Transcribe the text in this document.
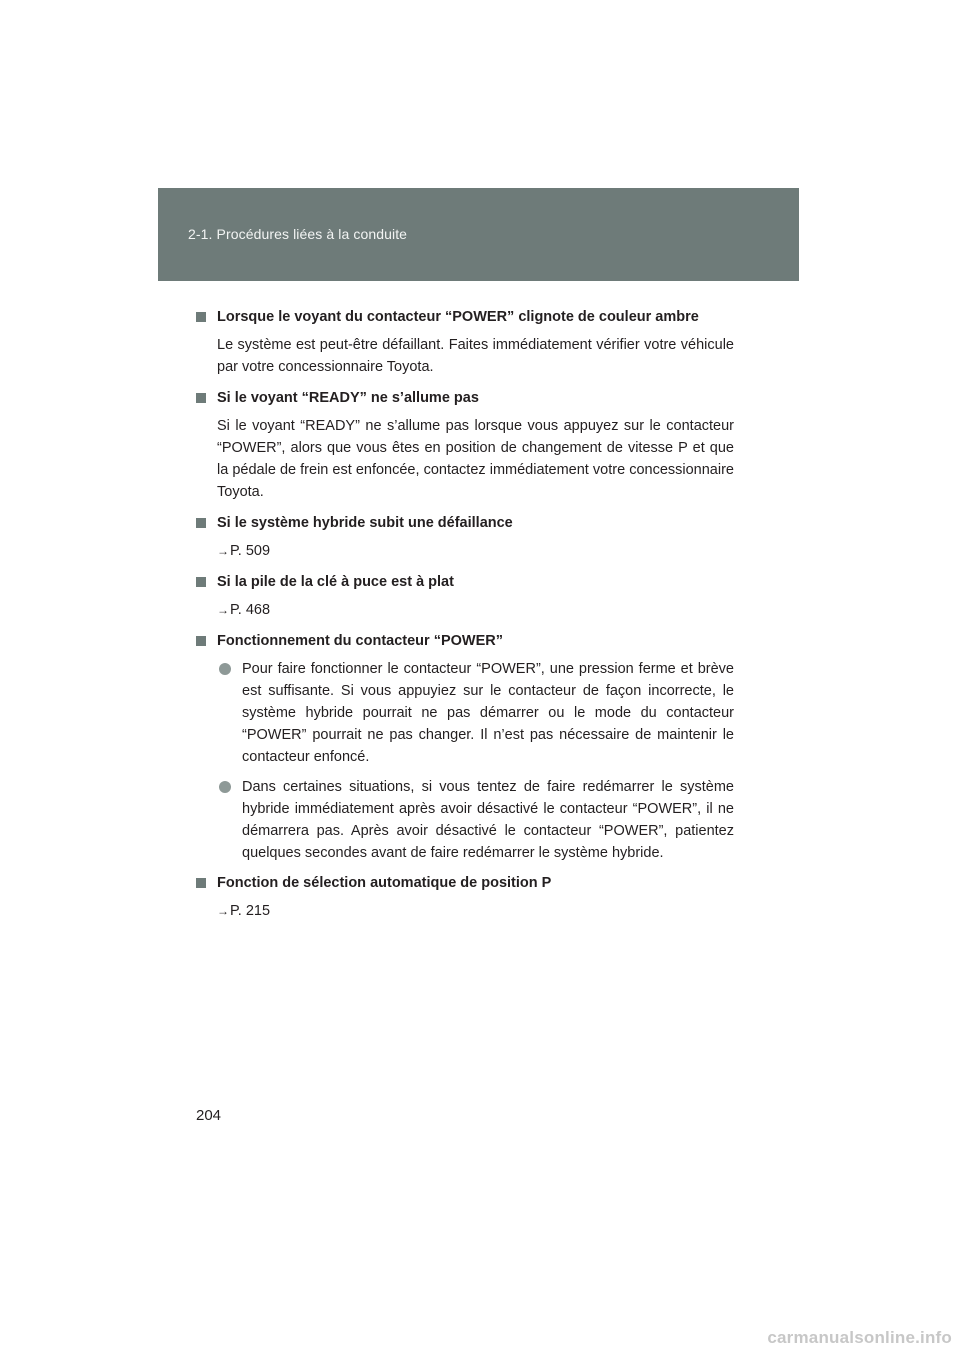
2-1. Procédures liées à la conduite
Lorsque le voyant du contacteur “POWER” clignote de couleur ambre
Le système est peut-être défaillant. Faites immédiatement vérifier votre véhicule par votre concessionnaire Toyota.
Si le voyant “READY” ne s’allume pas
Si le voyant “READY” ne s’allume pas lorsque vous appuyez sur le contacteur “POWER”, alors que vous êtes en position de changement de vitesse P et que la pédale de frein est enfoncée, contactez immédiatement votre concessionnaire Toyota.
Si le système hybride subit une défaillance
→P. 509
Si la pile de la clé à puce est à plat
→P. 468
Fonctionnement du contacteur “POWER”
Pour faire fonctionner le contacteur “POWER”, une pression ferme et brève est suffisante. Si vous appuyiez sur le contacteur de façon incorrecte, le système hybride pourrait ne pas démarrer ou le mode du contacteur “POWER” pourrait ne pas changer. Il n’est pas nécessaire de maintenir le contacteur enfoncé.
Dans certaines situations, si vous tentez de faire redémarrer le système hybride immédiatement après avoir désactivé le contacteur “POWER”, il ne démarrera pas. Après avoir désactivé le contacteur “POWER”, patientez quelques secondes avant de faire redémarrer le système hybride.
Fonction de sélection automatique de position P
→P. 215
204
carmanualsonline.info
